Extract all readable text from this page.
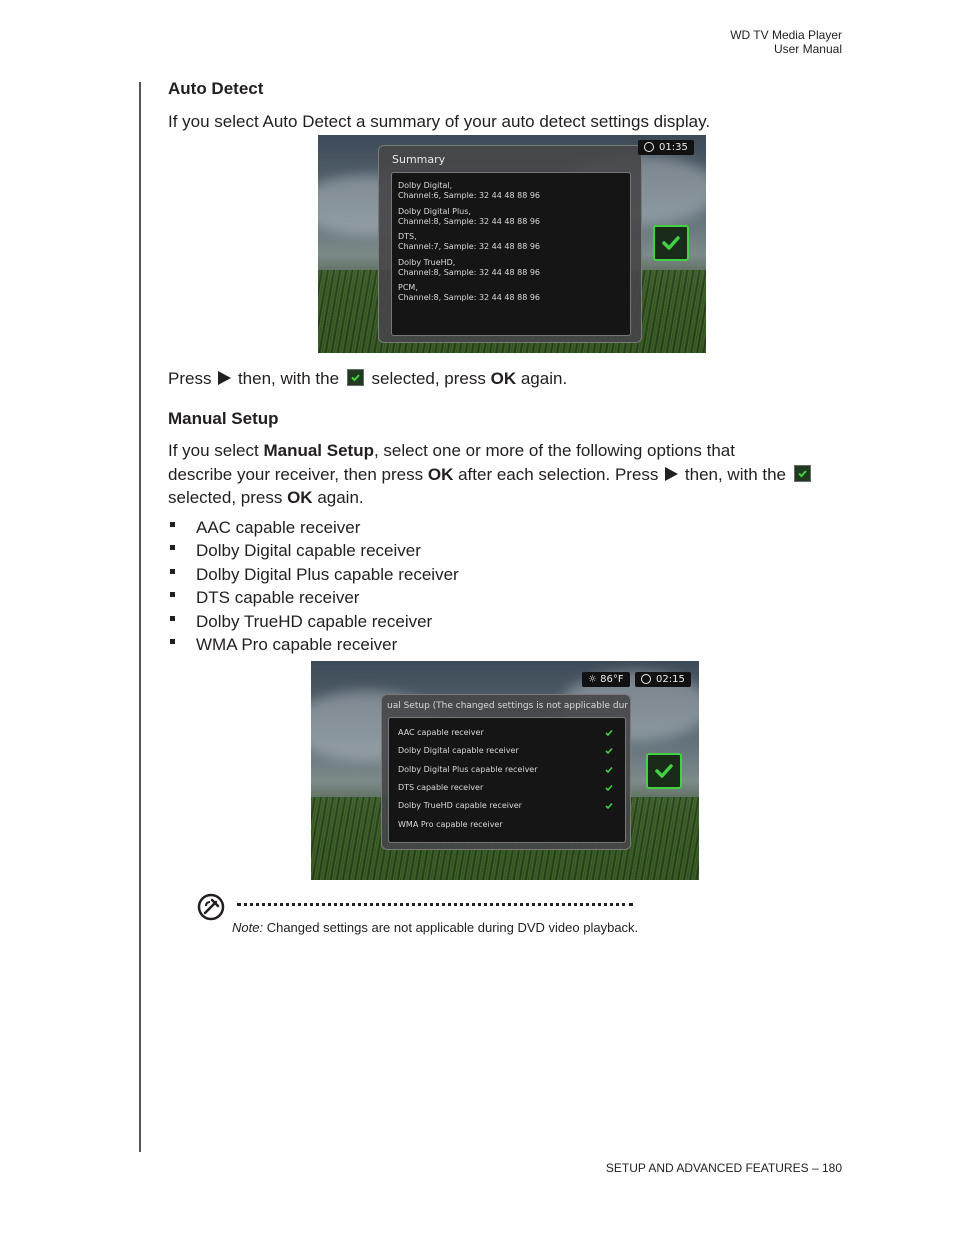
WD TV Media Player
User Manual
Auto Detect
If you select Auto Detect a summary of your auto detect settings display.
Summary
Dolby Digital,
Channel:6, Sample: 32 44 48 88 96
Dolby Digital Plus,
Channel:8, Sample: 32 44 48 88 96
DTS,
Channel:7, Sample: 32 44 48 88 96
Dolby TrueHD,
Channel:8, Sample: 32 44 48 88 96
PCM,
Channel:8, Sample: 32 44 48 88 96
01:35
Press then, with the selected, press OK again.
Manual Setup
If you select Manual Setup, select one or more of the following options that
describe your receiver, then press OK after each selection. Press then, with the
selected, press OK again.
AAC capable receiver
Dolby Digital capable receiver
Dolby Digital Plus capable receiver
DTS capable receiver
Dolby TrueHD capable receiver
WMA Pro capable receiver
☼ 86°F	02:15
ual Setup (The changed settings is not applicable dur
AAC capable receiver
Dolby Digital capable receiver
Dolby Digital Plus capable receiver
DTS capable receiver
Dolby TrueHD capable receiver
WMA Pro capable receiver
Note: Changed settings are not applicable during DVD video playback.
SETUP AND ADVANCED FEATURES – 180
